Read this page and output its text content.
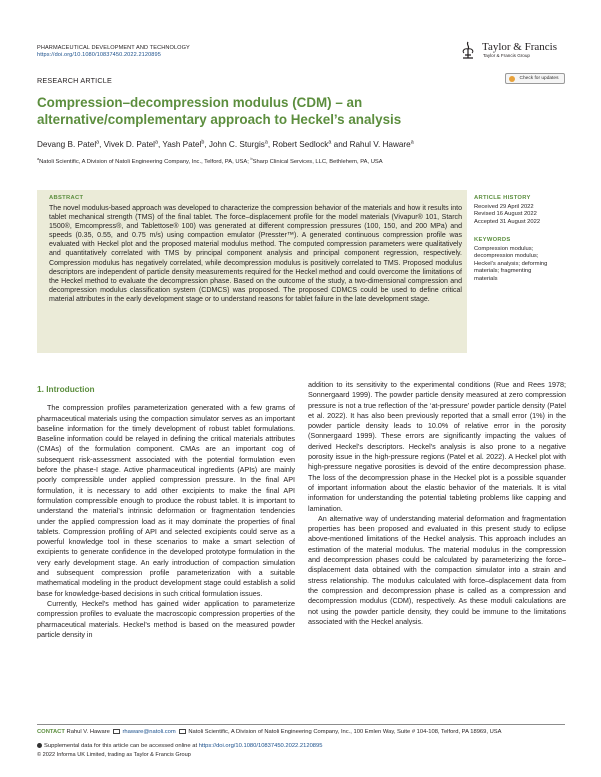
PHARMACEUTICAL DEVELOPMENT AND TECHNOLOGY
https://doi.org/10.1080/10837450.2022.2120895
Taylor & Francis
Taylor & Francis Group
RESEARCH ARTICLE	Check for updates
Compression–decompression modulus (CDM) – an alternative/complementary approach to Heckel’s analysis
Devang B. Patel$^a$, Vivek D. Patel$^a$, Yash Patel$^b$, John C. Sturgis$^a$, Robert Sedlock$^a$ and Rahul V. Haware$^a$
$^a$Natoli Scientific, A Division of Natoli Engineering Company, Inc., Telford, PA, USA; $^b$Sharp Clinical Services, LLC, Bethlehem, PA, USA
ABSTRACT

The novel modulus-based approach was developed to characterize the compression behavior of the materials and how it results into tablet mechanical strength (TMS) of the final tablet. The force–displacement profile for the model materials (Vivapur® 101, Starch 1500®, Emcompress®, and Tablettose® 100) was generated at different compression pressures (100, 150, and 200 MPa) and speeds (0.35, 0.55, and 0.75 m/s) using compaction emulator (Presster™). A generated continuous compression profile was evaluated with Heckel plot and the proposed material modulus method. The computed compression parameters were qualitatively and quantitatively correlated with TMS by principal component analysis and principal component regression, respectively. Compression modulus has negatively correlated, while decompression modulus is positively correlated to TMS. Proposed modulus descriptors are independent of particle density measurements required for the Heckel method and could overcome the limitations of the Heckel method to evaluate the decompression phase. Based on the outcome of the study, a two-dimensional compression and decompression modulus classification system (CDMCS) was proposed. The proposed CDMCS could be used to define critical material attributes in the early development stage or to understand reasons for tablet failure in the late development stage.

ARTICLE HISTORY
Received 29 April 2022
Revised 16 August 2022
Accepted 31 August 2022
KEYWORDS
Compression modulus;
decompression modulus;
Heckel’s analysis; deforming
materials; fragmenting
materials
1. Introduction

The compression profiles parameterization generated with a few grams of pharmaceutical materials using the compaction simulator serves as an important baseline information for the timely development of robust tablet formulations. Baseline information could be relayed in defining the critical materials attributes (CMAs) of the formulation component. CMAs are an important cog of subsequent risk-assessment associated with the potential formulation even before the phase-I stage. Active pharmaceutical ingredients (APIs) are mainly poorly compressible under applied compression pressure. In the final API formulation, it is necessary to add other excipients to make the final API formulation compressible enough to produce the robust tablet. It is important to understand the material’s intrinsic deformation or fragmentation tendencies under the applied compression load as it may dominate the properties of final tablets. Compression profiling of API and selected excipients could serve as a powerful knowledge tool in these scenarios to make a smart selection of excipients to generate confidence in the developed prototype formulation in the very early development stage. An early introduction of compaction simulation and subsequent compression profile parameterization with a suitable mathematical modeling in the product development stage could establish a solid base for knowledge-based decisions in such critical formulation issues.

Currently, Heckel’s method has gained wider application to parameterize compression profiles to evaluate the macroscopic compression properties of the pharmaceutical materials. Heckel’s method is based on the measured powder particle density in

addition to its sensitivity to the experimental conditions (Rue and Rees 1978; Sonnergaard 1999). The powder particle density measured at zero compression pressure is not a true reflection of the ‘at-pressure’ powder particle density (Patel et al. 2022). It has also been previously reported that a small error (1%) in the powder particle density leads to 10.0% of relative error in the porosity (Sonnergaard 1999). These errors are significantly impacting the values of derived Heckel’s descriptors. Heckel’s analysis is also prone to a negative porosity issue in the high-pressure regions (Patel et al. 2022). A Heckel plot with high-pressure negative porosities is devoid of the entire decompression phase. The loss of the decompression phase in the Heckel plot is a possible squander of important information about the elastic behavior of the materials. It is vital information for understanding the potential tableting problems like capping and lamination.

An alternative way of understanding material deformation and fragmentation properties has been proposed and evaluated in this present study to eclipse above-mentioned limitations of the Heckel analysis. This approach includes an estimation of the material modulus. The material modulus in the compression and decompression phases could be calculated by parameterizing the force–displacement data obtained with the compaction simulator into a strain and stress relationship. The modulus calculated with force–displacement data from the compression and decompression phase is called as a compression and decompression modulus (CDM), respectively. As these moduli calculations are not using the powder particle density, they could be immune to the limitations associated with the Heckel analysis.

CONTACT Rahul V. Haware rhaware@natoli.com Natoli Scientific, A Division of Natoli Engineering Company, Inc., 100 Emlen Way, Suite # 104-108, Telford, PA 18969, USA
Supplemental data for this article can be accessed online at https://doi.org/10.1080/10837450.2022.2120895
© 2022 Informa UK Limited, trading as Taylor & Francis Group
